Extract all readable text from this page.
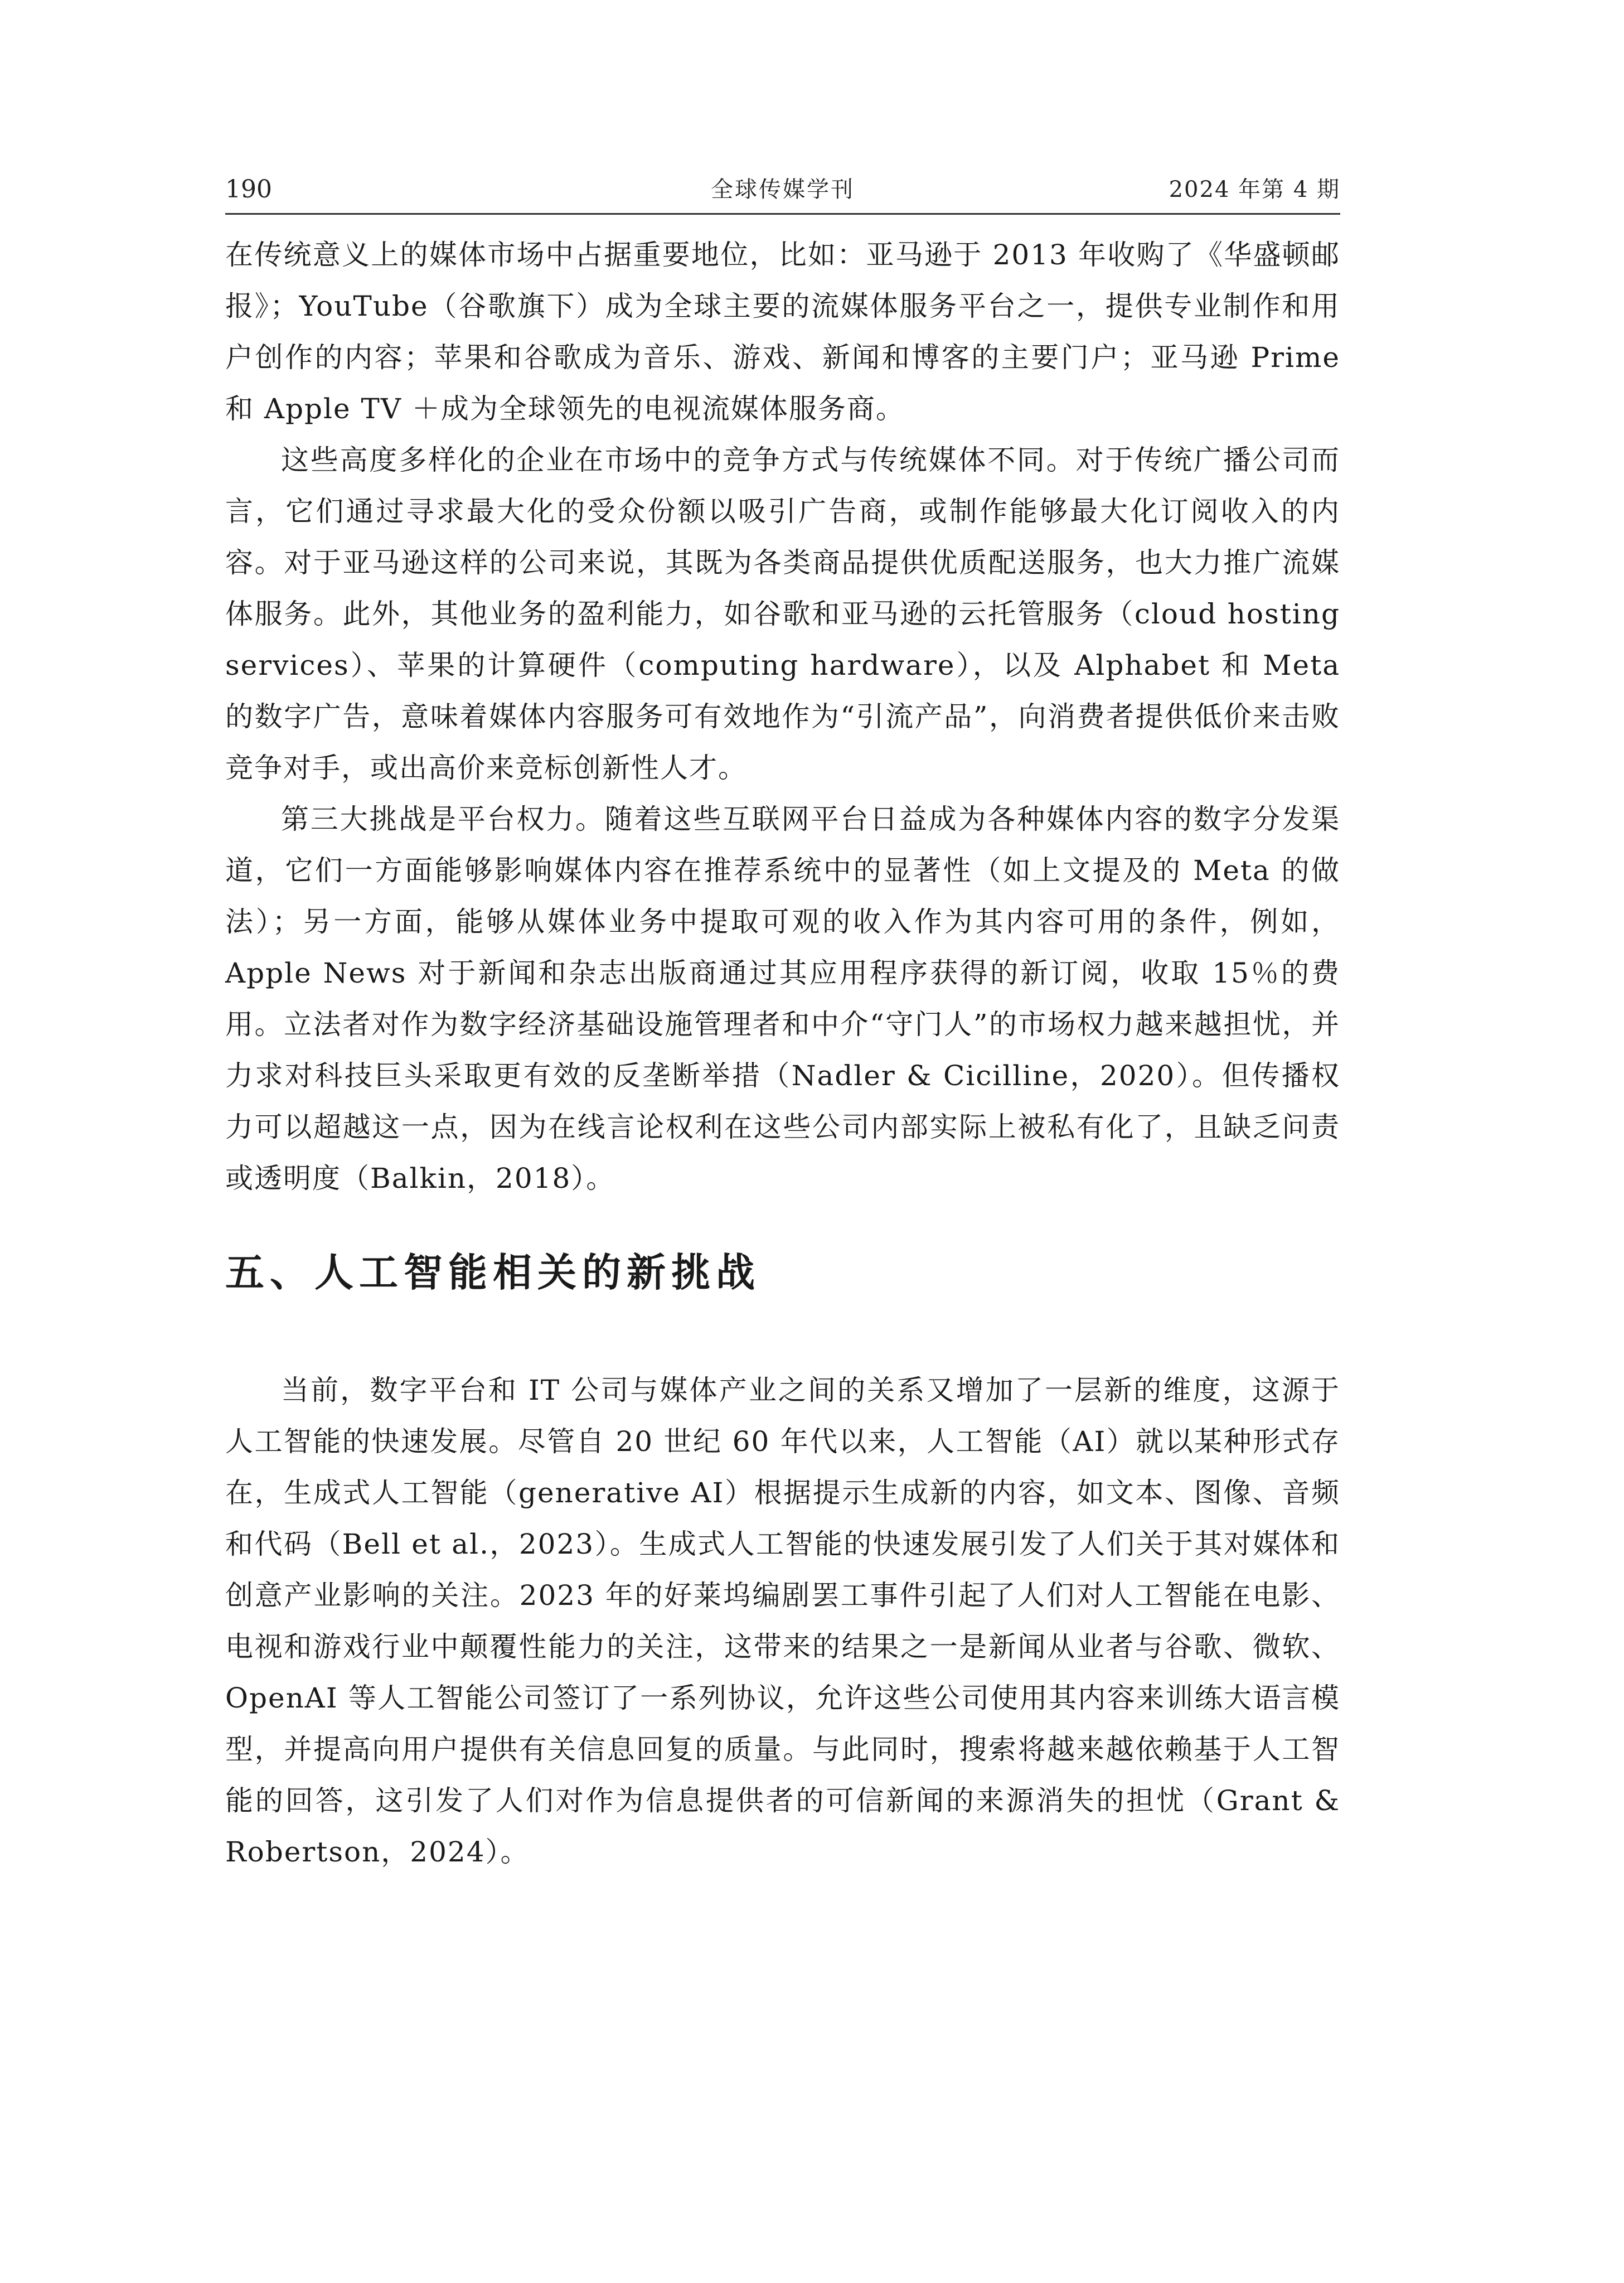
190	全球传媒学刊	2024 年第 4 期

在传统意义上的媒体市场中占据重要地位，比如：亚马逊于 2013 年收购了《华盛顿邮报》；YouTube（谷歌旗下）成为全球主要的流媒体服务平台之一，提供专业制作和用户创作的内容；苹果和谷歌成为音乐、游戏、新闻和博客的主要门户；亚马逊 Prime 和 Apple TV ＋成为全球领先的电视流媒体服务商。

这些高度多样化的企业在市场中的竞争方式与传统媒体不同。对于传统广播公司而言，它们通过寻求最大化的受众份额以吸引广告商，或制作能够最大化订阅收入的内容。对于亚马逊这样的公司来说，其既为各类商品提供优质配送服务，也大力推广流媒体服务。此外，其他业务的盈利能力，如谷歌和亚马逊的云托管服务（cloud hosting services）、苹果的计算硬件（computing hardware），以及 Alphabet 和 Meta 的数字广告，意味着媒体内容服务可有效地作为“引流产品”，向消费者提供低价来击败竞争对手，或出高价来竞标创新性人才。

第三大挑战是平台权力。随着这些互联网平台日益成为各种媒体内容的数字分发渠道，它们一方面能够影响媒体内容在推荐系统中的显著性（如上文提及的 Meta 的做法）；另一方面，能够从媒体业务中提取可观的收入作为其内容可用的条件，例如，Apple News 对于新闻和杂志出版商通过其应用程序获得的新订阅，收取 15％的费用。立法者对作为数字经济基础设施管理者和中介“守门人”的市场权力越来越担忧，并力求对科技巨头采取更有效的反垄断举措（Nadler & Cicilline，2020）。但传播权力可以超越这一点，因为在线言论权利在这些公司内部实际上被私有化了，且缺乏问责或透明度（Balkin，2018）。

五、人工智能相关的新挑战

当前，数字平台和 IT 公司与媒体产业之间的关系又增加了一层新的维度，这源于人工智能的快速发展。尽管自 20 世纪 60 年代以来，人工智能（AI）就以某种形式存在，生成式人工智能（generative AI）根据提示生成新的内容，如文本、图像、音频和代码（Bell et al.，2023）。生成式人工智能的快速发展引发了人们关于其对媒体和创意产业影响的关注。2023 年的好莱坞编剧罢工事件引起了人们对人工智能在电影、电视和游戏行业中颠覆性能力的关注，这带来的结果之一是新闻从业者与谷歌、微软、OpenAI 等人工智能公司签订了一系列协议，允许这些公司使用其内容来训练大语言模型，并提高向用户提供有关信息回复的质量。与此同时，搜索将越来越依赖基于人工智能的回答，这引发了人们对作为信息提供者的可信新闻的来源消失的担忧（Grant & Robertson，2024）。
